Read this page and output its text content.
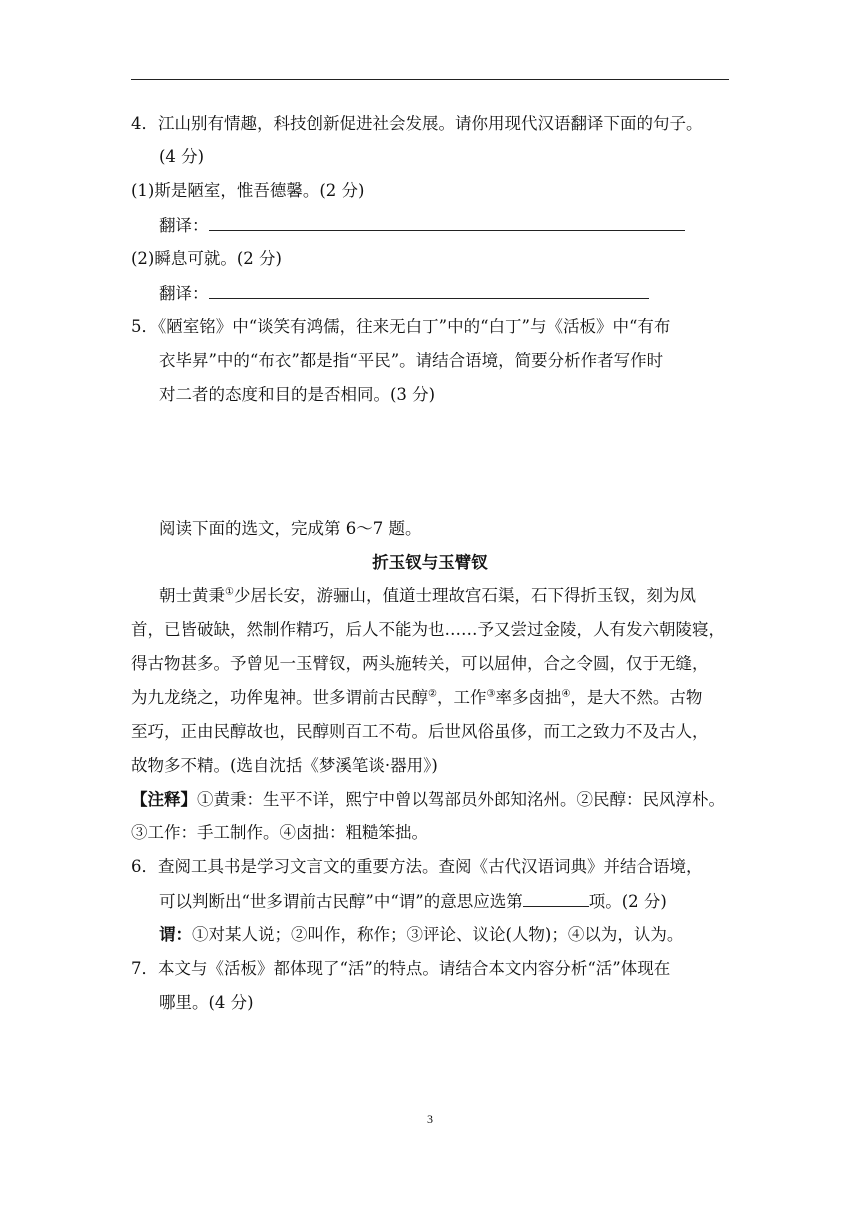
4．江山别有情趣，科技创新促进社会发展。请你用现代汉语翻译下面的句子。
(4 分)
(1)斯是陋室，惟吾德馨。(2 分)
翻译：
(2)瞬息可就。(2 分)
翻译：
5．《陋室铭》中“谈笑有鸿儒，往来无白丁”中的“白丁”与《活板》中“有布
衣毕昇”中的“布衣”都是指“平民”。请结合语境，简要分析作者写作时
对二者的态度和目的是否相同。(3 分)
阅读下面的选文，完成第 6～7 题。
折玉钗与玉臂钗
朝士黄秉①少居长安，游骊山，值道士理故宫石渠，石下得折玉钗，刻为凤
首，已皆破缺，然制作精巧，后人不能为也……予又尝过金陵，人有发六朝陵寝，
得古物甚多。予曾见一玉臂钗，两头施转关，可以屈伸，合之令圆，仅于无缝，
为九龙绕之，功侔鬼神。世多谓前古民醇②，工作③率多卤拙④，是大不然。古物
至巧，正由民醇故也，民醇则百工不苟。后世风俗虽侈，而工之致力不及古人，
故物多不精。(选自沈括《梦溪笔谈·器用》)
【注释】①黄秉：生平不详，熙宁中曾以驾部员外郎知洺州。②民醇：民风淳朴。
③工作：手工制作。④卤拙：粗糙笨拙。
6．查阅工具书是学习文言文的重要方法。查阅《古代汉语词典》并结合语境，
可以判断出“世多谓前古民醇”中“谓”的意思应选第	项。(2 分)
谓：①对某人说；②叫作，称作；③评论、议论(人物)；④以为，认为。
7．本文与《活板》都体现了“活”的特点。请结合本文内容分析“活”体现在
哪里。(4 分)
3
